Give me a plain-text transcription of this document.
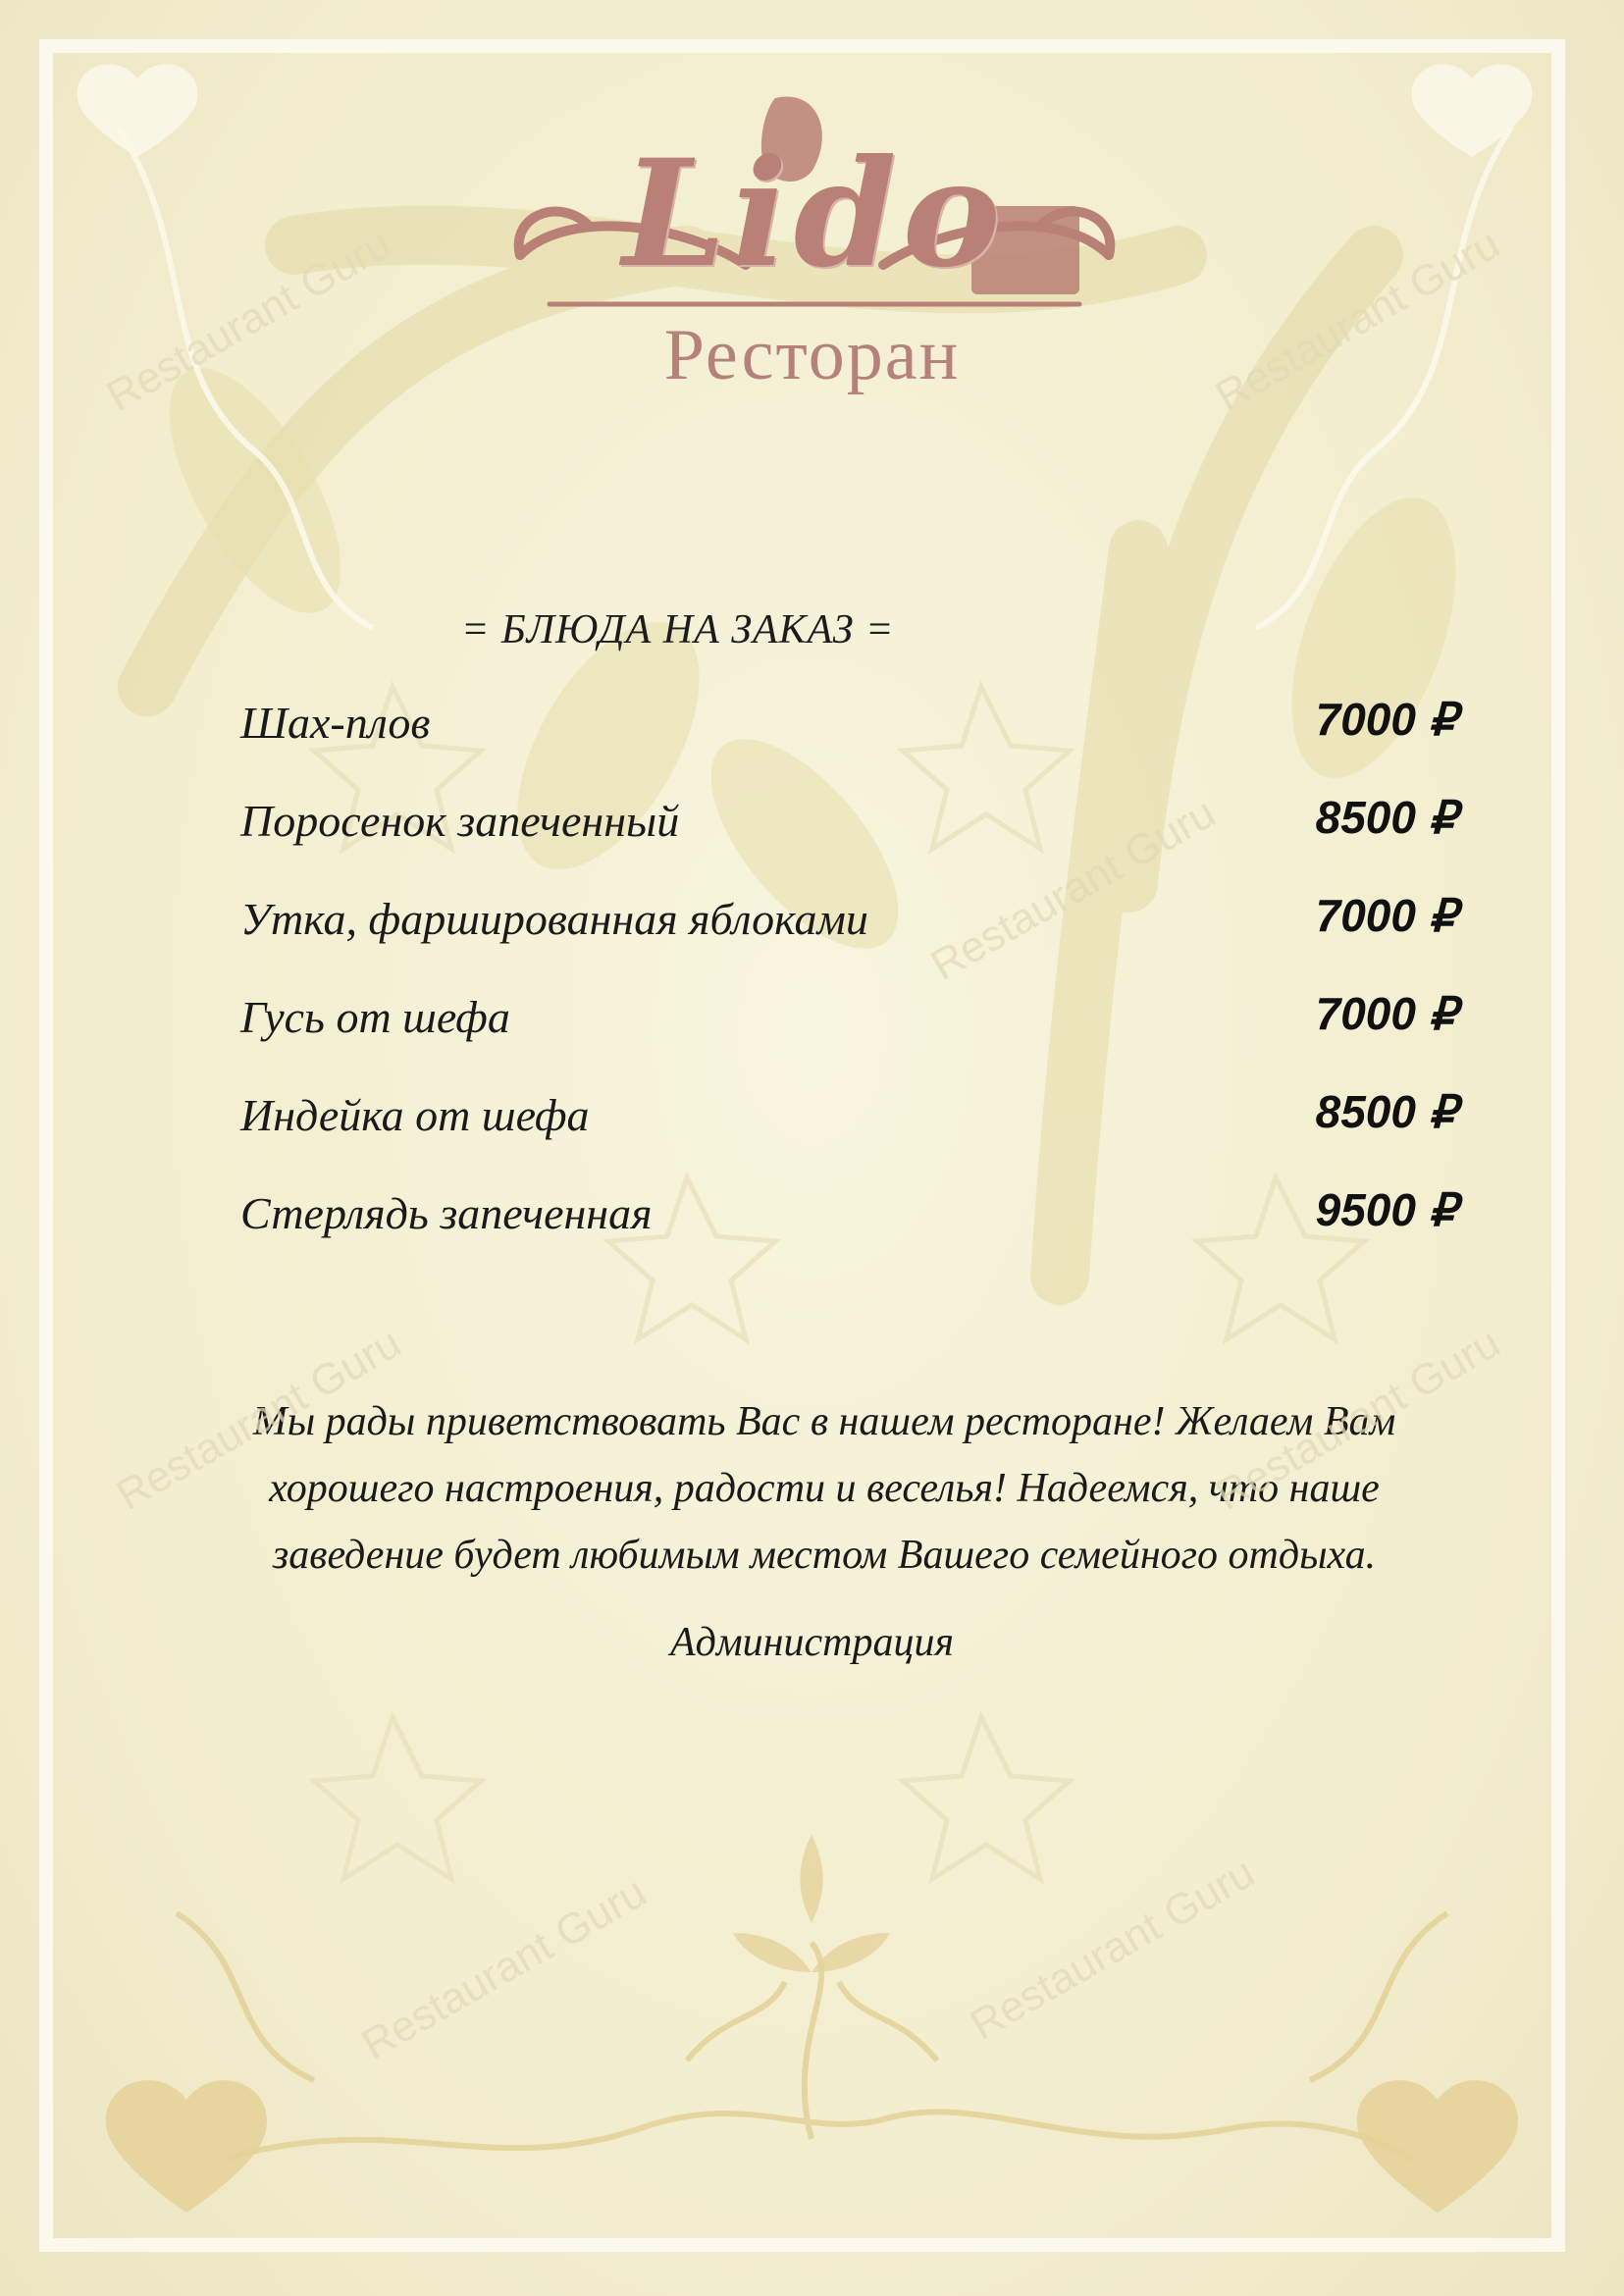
Lido
Ресторан
= БЛЮДА НА ЗАКАЗ =
Шах-плов	7000 ₽
Поросенок запеченный	8500 ₽
Утка, фаршированная яблоками	7000 ₽
Гусь от шефа	7000 ₽
Индейка от шефа	8500 ₽
Стерлядь запеченная	9500 ₽
Мы рады приветствовать Вас в нашем ресторане! Желаем Вам
хорошего настроения, радости и веселья! Надеемся, что наше
заведение будет любимым местом Вашего семейного отдыха.
Администрация
Restaurant Guru	Restaurant Guru
Restaurant Guru
Restaurant Guru	Restaurant Guru
Restaurant Guru	Restaurant Guru
